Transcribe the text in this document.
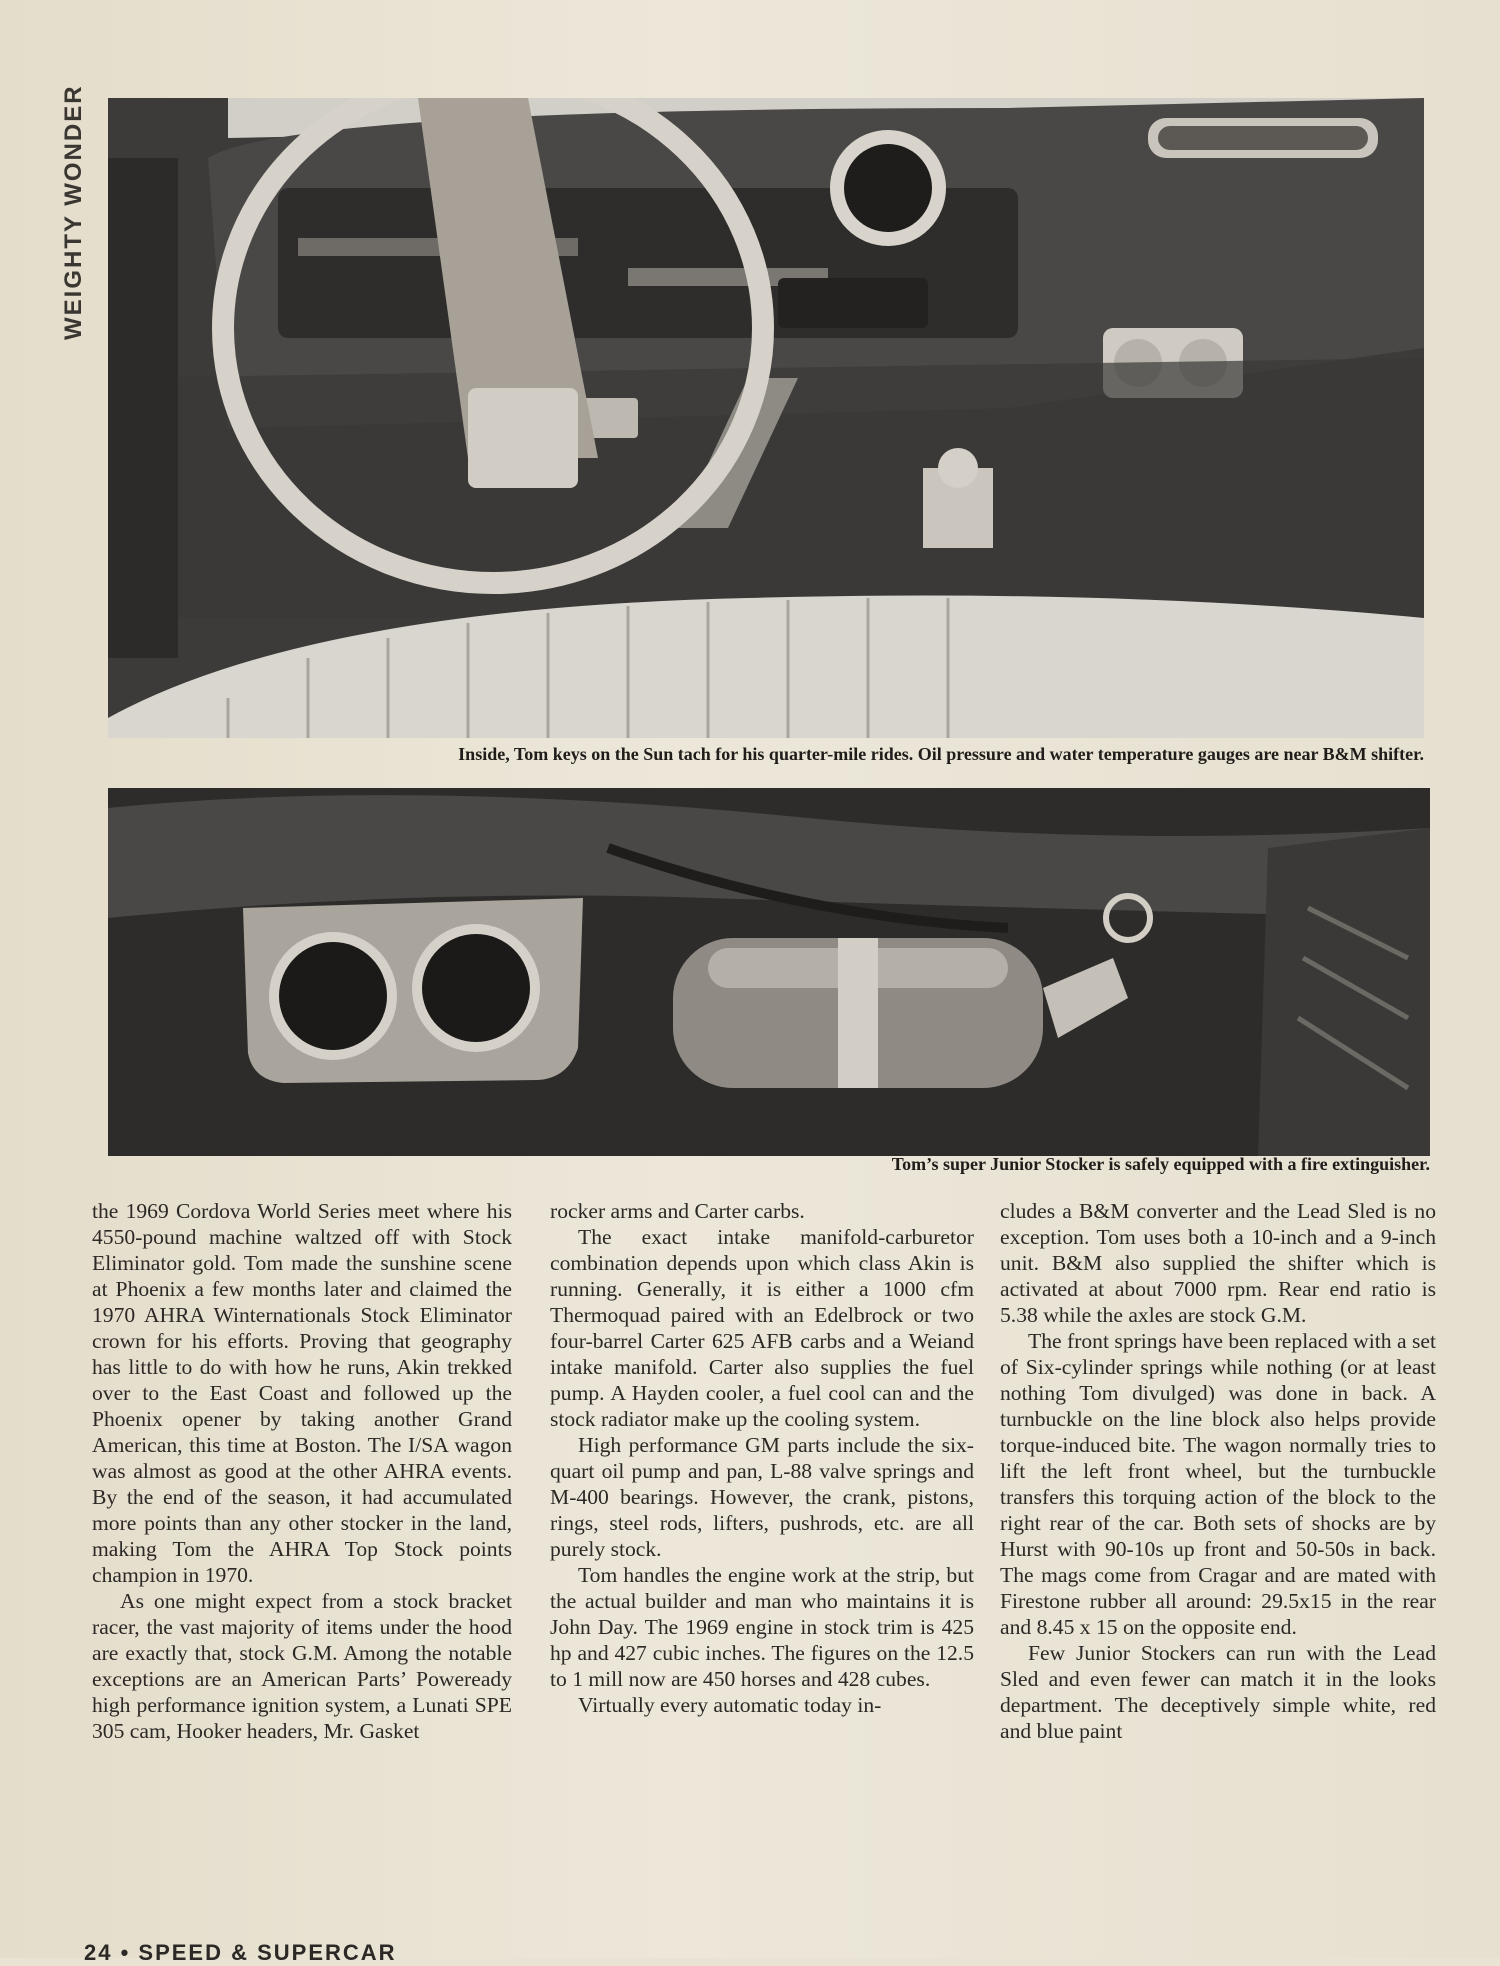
WEIGHTY WONDER
Inside, Tom keys on the Sun tach for his quarter-mile rides. Oil pressure and water temperature gauges are near B&M shifter.
Tom’s super Junior Stocker is safely equipped with a fire extinguisher.

the 1969 Cordova World Series meet where his 4550-pound machine waltzed off with Stock Eliminator gold. Tom made the sunshine scene at Phoenix a few months later and claimed the 1970 AHRA Winternationals Stock Eliminator crown for his efforts. Proving that geography has little to do with how he runs, Akin trekked over to the East Coast and followed up the Phoenix opener by taking another Grand American, this time at Boston. The I/SA wagon was almost as good at the other AHRA events. By the end of the season, it had accumulated more points than any other stocker in the land, making Tom the AHRA Top Stock points champion in 1970.

As one might expect from a stock bracket racer, the vast majority of items under the hood are exactly that, stock G.M. Among the notable exceptions are an American Parts’ Poweready high performance ignition system, a Lunati SPE 305 cam, Hooker headers, Mr. Gasket

rocker arms and Carter carbs.

The exact intake manifold-carburetor combination depends upon which class Akin is running. Generally, it is either a 1000 cfm Thermoquad paired with an Edelbrock or two four-barrel Carter 625 AFB carbs and a Weiand intake manifold. Carter also supplies the fuel pump. A Hayden cooler, a fuel cool can and the stock radiator make up the cooling system.

High performance GM parts include the six-quart oil pump and pan, L-88 valve springs and M-400 bearings. However, the crank, pistons, rings, steel rods, lifters, pushrods, etc. are all purely stock.

Tom handles the engine work at the strip, but the actual builder and man who maintains it is John Day. The 1969 engine in stock trim is 425 hp and 427 cubic inches. The figures on the 12.5 to 1 mill now are 450 horses and 428 cubes.

Virtually every automatic today in-

cludes a B&M converter and the Lead Sled is no exception. Tom uses both a 10-inch and a 9-inch unit. B&M also supplied the shifter which is activated at about 7000 rpm. Rear end ratio is 5.38 while the axles are stock G.M.

The front springs have been replaced with a set of Six-cylinder springs while nothing (or at least nothing Tom divulged) was done in back. A turnbuckle on the line block also helps provide torque-induced bite. The wagon normally tries to lift the left front wheel, but the turnbuckle transfers this torquing action of the block to the right rear of the car. Both sets of shocks are by Hurst with 90-10s up front and 50-50s in back. The mags come from Cragar and are mated with Firestone rubber all around: 29.5x15 in the rear and 8.45 x 15 on the opposite end.

Few Junior Stockers can run with the Lead Sled and even fewer can match it in the looks department. The deceptively simple white, red and blue paint

24 • SPEED & SUPERCAR
